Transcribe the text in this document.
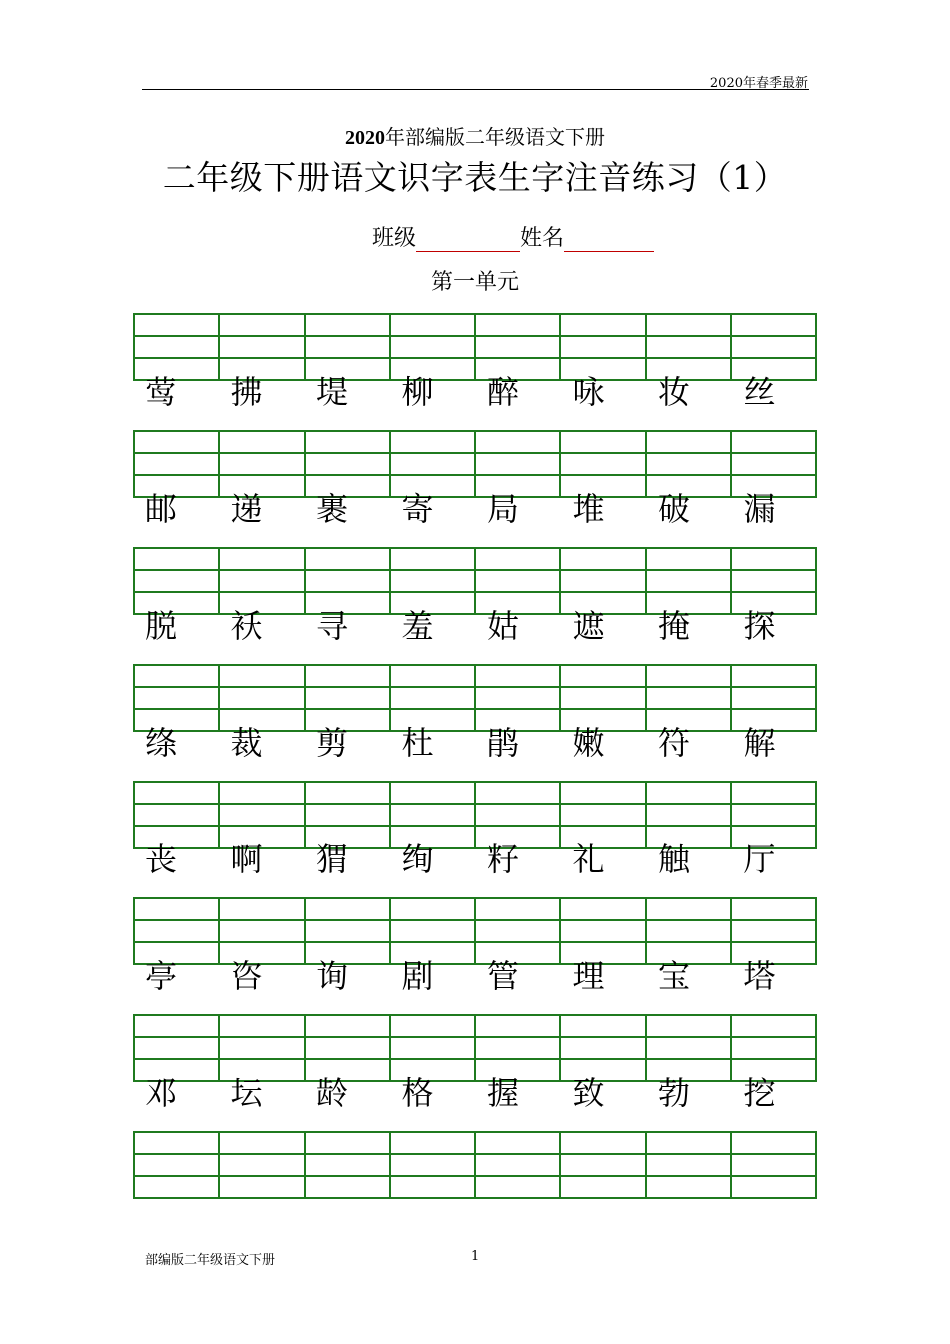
2020年春季最新
2020年部编版二年级语文下册
二年级下册语文识字表生字注音练习（1）
班级	姓名
第一单元
莺 拂 堤 柳 醉 咏 妆 丝
邮 递 裹 寄 局 堆 破 漏
脱 袄 寻 羞 姑 遮 掩 探
绦 裁 剪 杜 鹃 嫩 符 解
丧 啊 猬 绚 籽 礼 触 厅
亭 咨 询 剧 管 理 宝 塔
邓 坛 龄 格 握 致 勃 挖
部编版二年级语文下册	1
